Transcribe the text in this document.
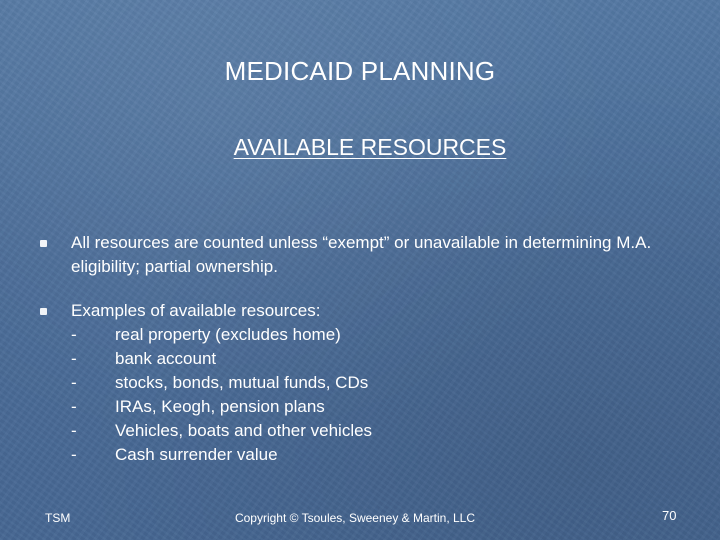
MEDICAID PLANNING
AVAILABLE RESOURCES
All resources are counted unless “exempt” or unavailable in determining M.A. eligibility; partial ownership.
Examples of available resources:
-	real property (excludes home)
-	bank account
-	stocks, bonds, mutual funds, CDs
-	IRAs, Keogh, pension plans
-	Vehicles, boats and other vehicles
-	Cash surrender value
TSM	Copyright © Tsoules, Sweeney & Martin, LLC	70
